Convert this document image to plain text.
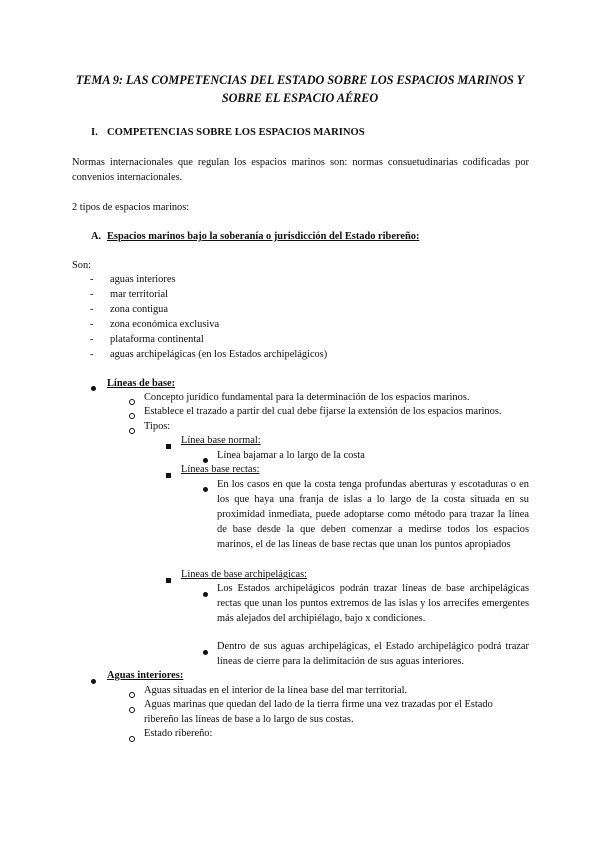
TEMA 9: LAS COMPETENCIAS DEL ESTADO SOBRE LOS ESPACIOS MARINOS Y SOBRE EL ESPACIO AÉREO
I. COMPETENCIAS SOBRE LOS ESPACIOS MARINOS
Normas internacionales que regulan los espacios marinos son: normas consuetudinarias codificadas por convenios internacionales.
2 tipos de espacios marinos:
A. Espacios marinos bajo la soberanía o jurisdicción del Estado ribereño:
Son:
- aguas interiores
- mar territorial
- zona contigua
- zona económica exclusiva
- plataforma continental
- aguas archipelágicas (en los Estados archipelágicos)
Líneas de base:
Concepto jurídico fundamental para la determinación de los espacios marinos.
Establece el trazado a partir del cual debe fijarse la extensión de los espacios marinos.
Tipos:
Línea base normal:
Línea bajamar a lo largo de la costa
Líneas base rectas:
En los casos en que la costa tenga profundas aberturas y escotaduras o en los que haya una franja de islas a lo largo de la costa situada en su proximidad inmediata, puede adoptarse como método para trazar la línea de base desde la que deben comenzar a medirse todos los espacios marinos, el de las líneas de base rectas que unan los puntos apropiados
Líneas de base archipelágicas:
Los Estados archipelágicos podrán trazar líneas de base archipelágicas rectas que unan los puntos extremos de las islas y los arrecifes emergentes más alejados del archipiélago, bajo x condiciones.
Dentro de sus aguas archipelágicas, el Estado archipelágico podrá trazar líneas de cierre para la delimitación de sus aguas interiores.
Aguas interiores:
Aguas situadas en el interior de la línea base del mar territorial.
Aguas marinas que quedan del lado de la tierra firme una vez trazadas por el Estado ribereño las líneas de base a lo largo de sus costas.
Estado ribereño:
